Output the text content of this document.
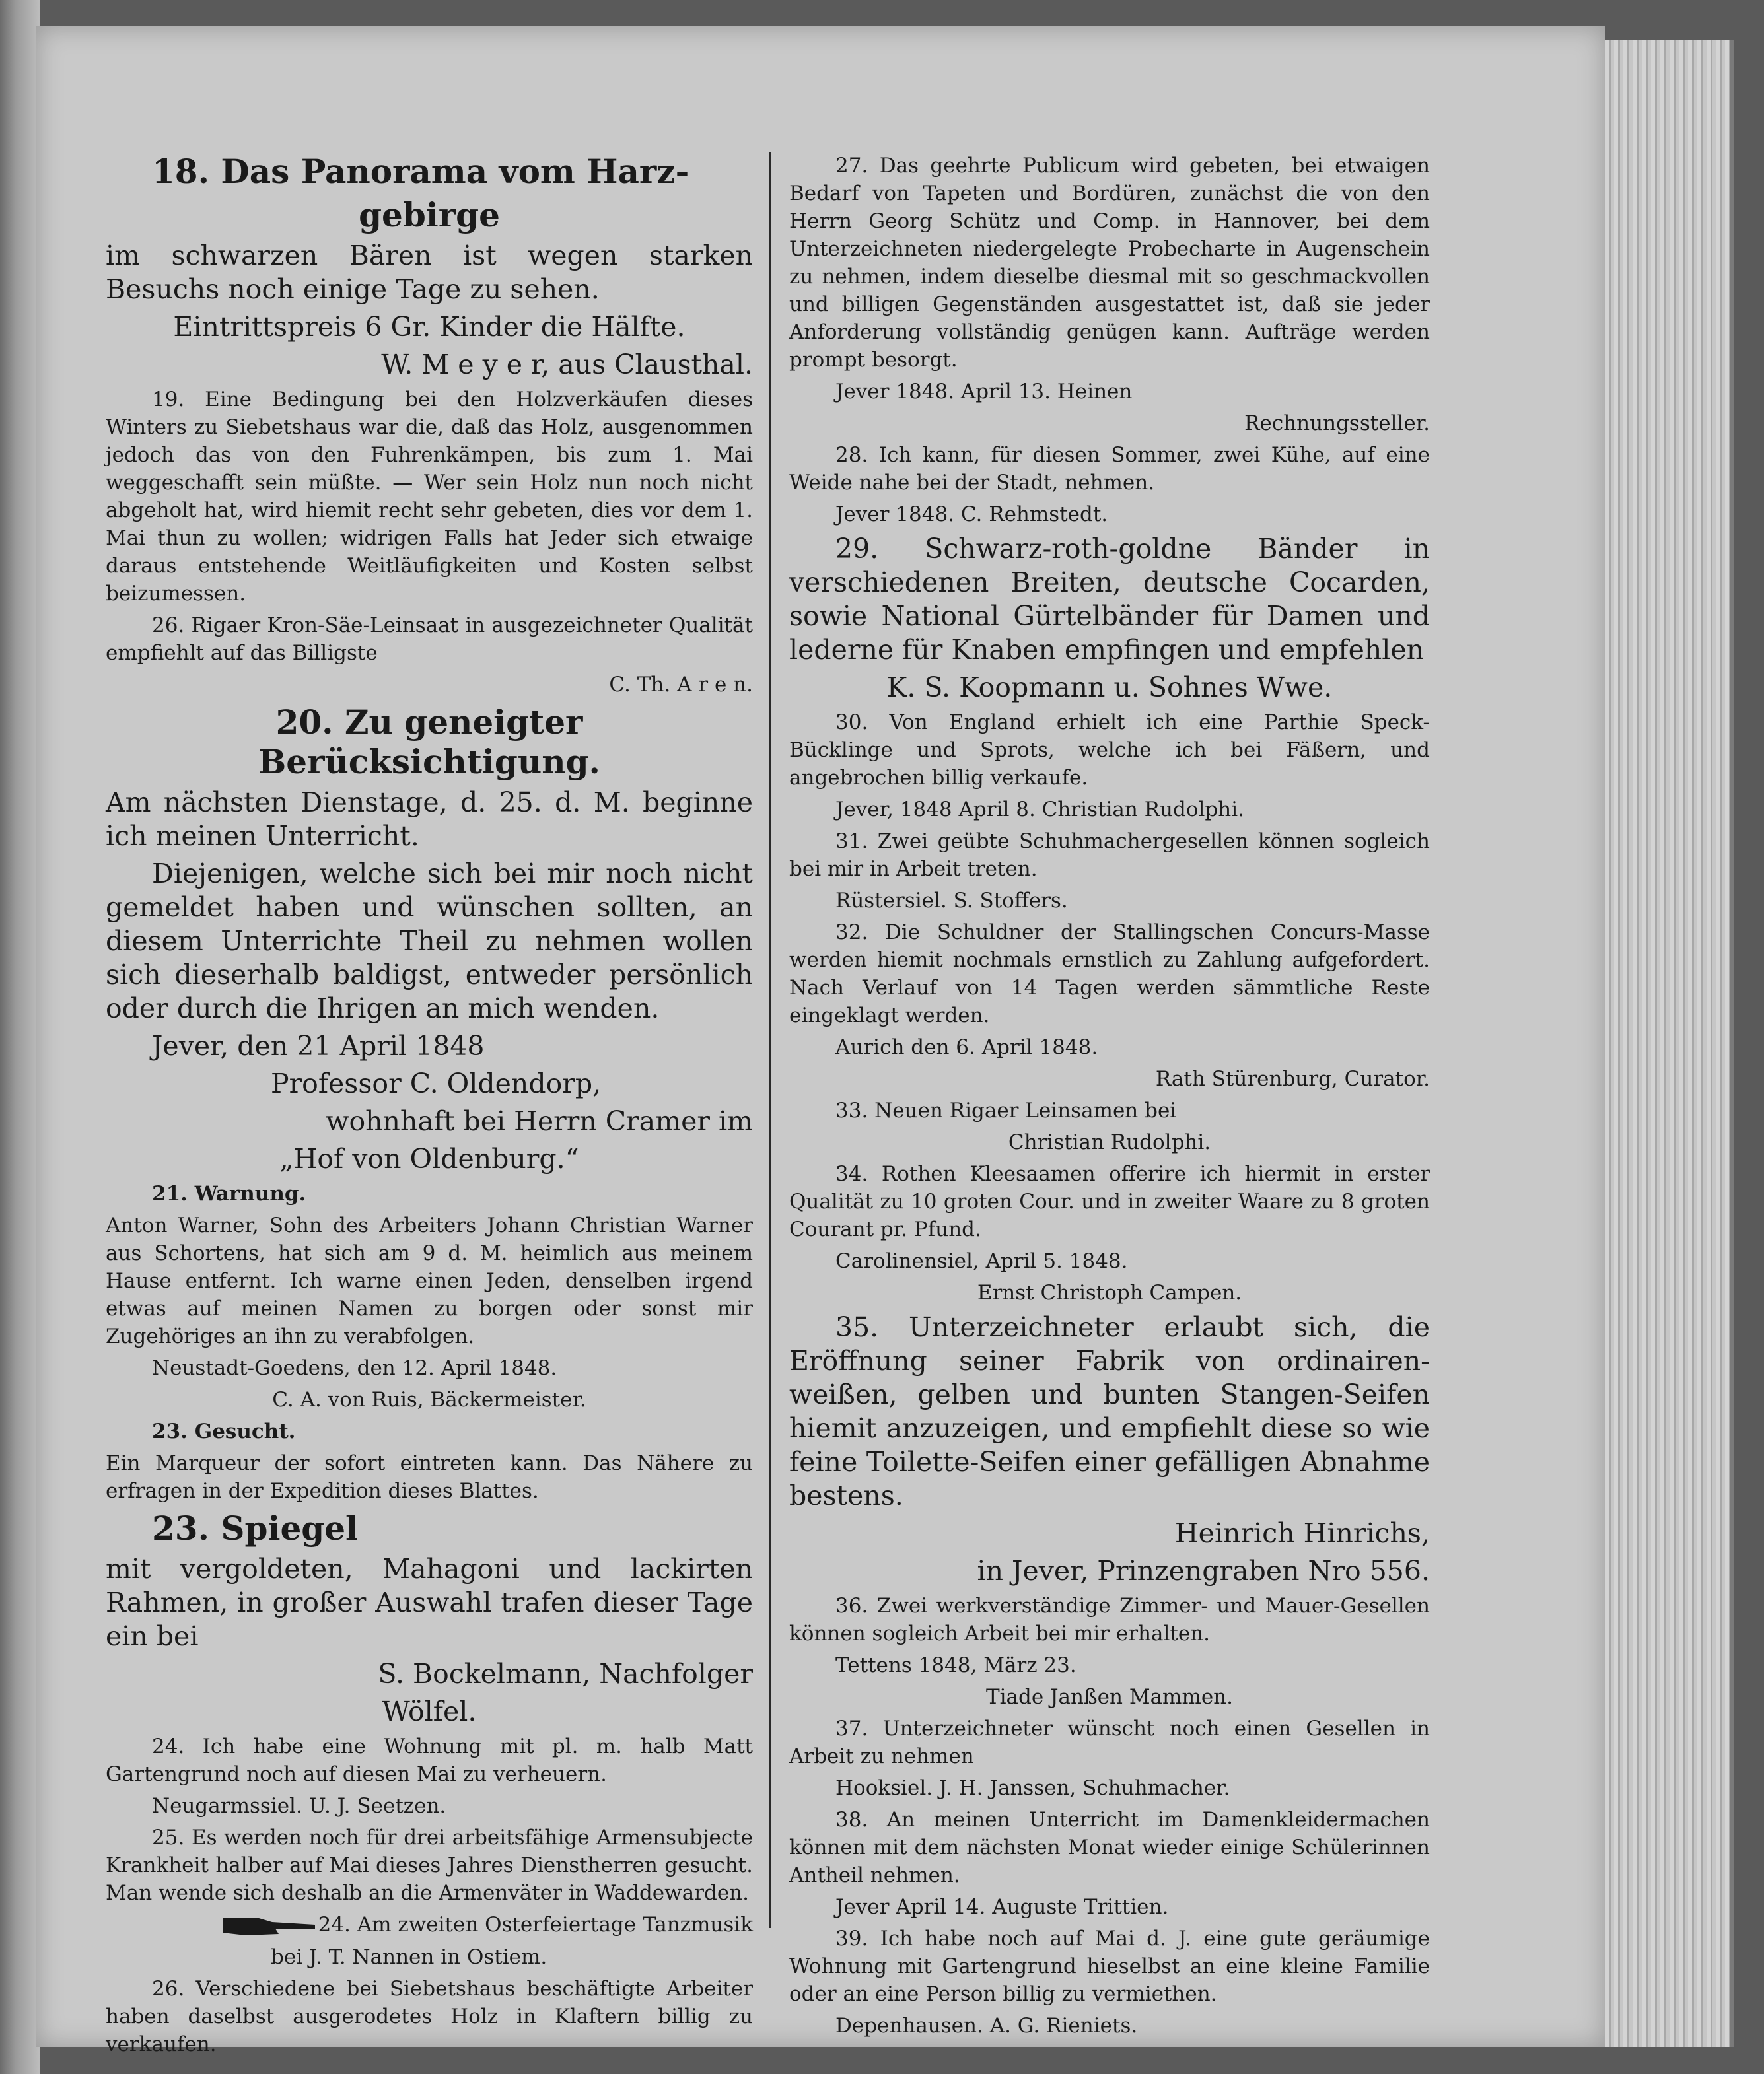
18. Das Panorama vom Harz-

gebirge

im schwarzen Bären ist wegen starken Besuchs noch einige Tage zu sehen.

Eintrittspreis 6 Gr. Kinder die Hälfte.

W. M e y e r, aus Clausthal.

19. Eine Bedingung bei den Holzverkäufen dieses Winters zu Siebetshaus war die, daß das Holz, ausgenommen jedoch das von den Fuhrenkämpen, bis zum 1. Mai weggeschafft sein müßte. — Wer sein Holz nun noch nicht abgeholt hat, wird hiemit recht sehr gebeten, dies vor dem 1. Mai thun zu wollen; widrigen Falls hat Jeder sich etwaige daraus entstehende Weitläufigkeiten und Kosten selbst beizumessen.

26. Rigaer Kron-Säe-Leinsaat in ausgezeichneter Qualität empfiehlt auf das Billigste

C. Th. A r e n.

20. Zu geneigter Berücksichtigung.

Am nächsten Dienstage, d. 25. d. M. beginne ich meinen Unterricht.

Diejenigen, welche sich bei mir noch nicht gemeldet haben und wünschen sollten, an diesem Unterrichte Theil zu nehmen wollen sich dieserhalb baldigst, entweder persönlich oder durch die Ihrigen an mich wenden.

Jever, den 21 April 1848

Professor C. Oldendorp,

wohnhaft bei Herrn Cramer im

„Hof von Oldenburg.“

21. Warnung.

Anton Warner, Sohn des Arbeiters Johann Christian Warner aus Schortens, hat sich am 9 d. M. heimlich aus meinem Hause entfernt. Ich warne einen Jeden, denselben irgend etwas auf meinen Namen zu borgen oder sonst mir Zugehöriges an ihn zu verabfolgen.

Neustadt-Goedens, den 12. April 1848.

C. A. von Ruis, Bäckermeister.

23. Gesucht.

Ein Marqueur der sofort eintreten kann. Das Nähere zu erfragen in der Expedition dieses Blattes.

23. Spiegel

mit vergoldeten, Mahagoni und lackirten Rahmen, in großer Auswahl trafen dieser Tage ein bei

S. Bockelmann, Nachfolger

Wölfel.

24. Ich habe eine Wohnung mit pl. m. halb Matt Gartengrund noch auf diesen Mai zu verheuern.

Neugarmssiel. U. J. Seetzen.

25. Es werden noch für drei arbeitsfähige Armensubjecte Krankheit halber auf Mai dieses Jahres Dienstherren gesucht. Man wende sich deshalb an die Armenväter in Waddewarden.

24. Am zweiten Osterfeiertage Tanzmusik

bei J. T. Nannen in Ostiem.

26. Verschiedene bei Siebetshaus beschäftigte Arbeiter haben daselbst ausgerodetes Holz in Klaftern billig zu verkaufen.

27. Das geehrte Publicum wird gebeten, bei etwaigen Bedarf von Tapeten und Bordüren, zunächst die von den Herrn Georg Schütz und Comp. in Hannover, bei dem Unterzeichneten niedergelegte Probecharte in Augenschein zu nehmen, indem dieselbe diesmal mit so geschmackvollen und billigen Gegenständen ausgestattet ist, daß sie jeder Anforderung vollständig genügen kann. Aufträge werden prompt besorgt.

Jever 1848. April 13. Heinen

Rechnungssteller.

28. Ich kann, für diesen Sommer, zwei Kühe, auf eine Weide nahe bei der Stadt, nehmen.

Jever 1848. C. Rehmstedt.

29. Schwarz-roth-goldne Bänder in verschiedenen Breiten, deutsche Cocarden, sowie National Gürtelbänder für Damen und lederne für Knaben empfingen und empfehlen

K. S. Koopmann u. Sohnes Wwe.

30. Von England erhielt ich eine Parthie Speck-Bücklinge und Sprots, welche ich bei Fäßern, und angebrochen billig verkaufe.

Jever, 1848 April 8. Christian Rudolphi.

31. Zwei geübte Schuhmachergesellen können sogleich bei mir in Arbeit treten.

Rüstersiel. S. Stoffers.

32. Die Schuldner der Stallingschen Concurs-Masse werden hiemit nochmals ernstlich zu Zahlung aufgefordert. Nach Verlauf von 14 Tagen werden sämmtliche Reste eingeklagt werden.

Aurich den 6. April 1848.

Rath Stürenburg, Curator.

33. Neuen Rigaer Leinsamen bei

Christian Rudolphi.

34. Rothen Kleesaamen offerire ich hiermit in erster Qualität zu 10 groten Cour. und in zweiter Waare zu 8 groten Courant pr. Pfund.

Carolinensiel, April 5. 1848.

Ernst Christoph Campen.

35. Unterzeichneter erlaubt sich, die Eröffnung seiner Fabrik von ordinairen- weißen, gelben und bunten Stangen-Seifen hiemit anzuzeigen, und empfiehlt diese so wie feine Toilette-Seifen einer gefälligen Abnahme bestens.

Heinrich Hinrichs,

in Jever, Prinzengraben Nro 556.

36. Zwei werkverständige Zimmer- und Mauer-Gesellen können sogleich Arbeit bei mir erhalten.

Tettens 1848, März 23.

Tiade Janßen Mammen.

37. Unterzeichneter wünscht noch einen Gesellen in Arbeit zu nehmen

Hooksiel. J. H. Janssen, Schuhmacher.

38. An meinen Unterricht im Damenkleidermachen können mit dem nächsten Monat wieder einige Schülerinnen Antheil nehmen.

Jever April 14. Auguste Trittien.

39. Ich habe noch auf Mai d. J. eine gute geräumige Wohnung mit Gartengrund hieselbst an eine kleine Familie oder an eine Person billig zu vermiethen.

Depenhausen. A. G. Rieniets.
